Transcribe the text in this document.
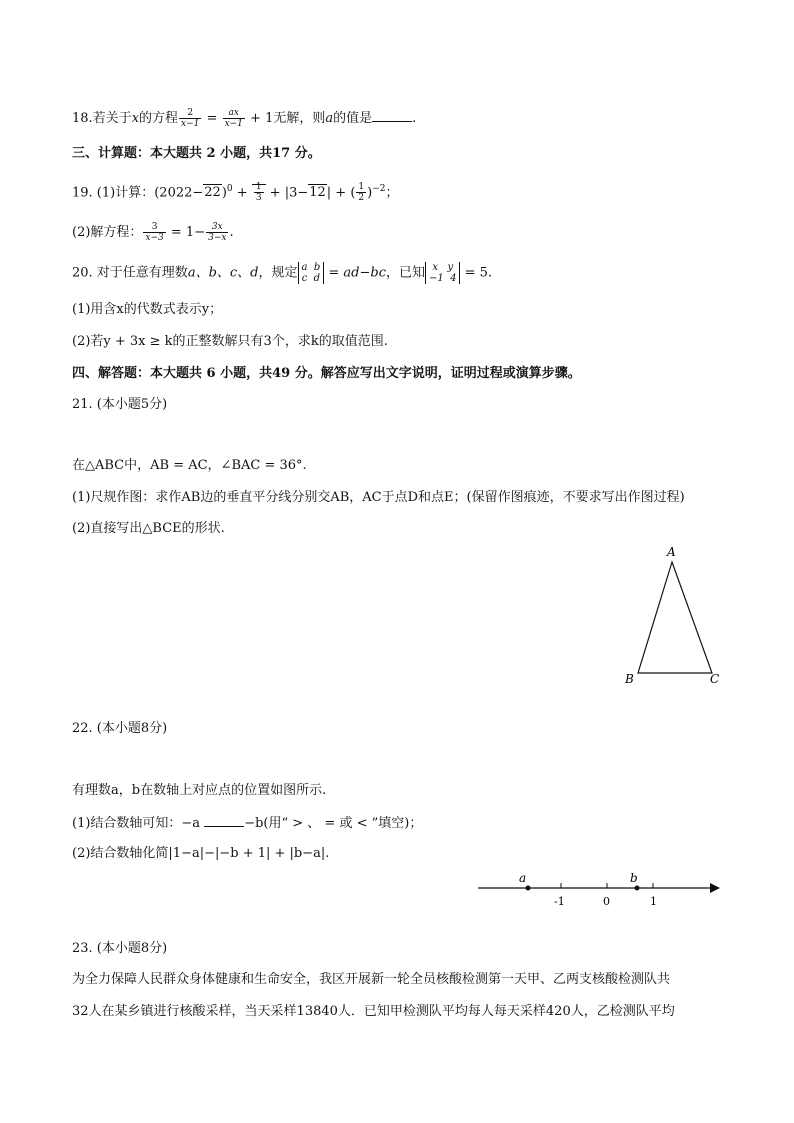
18.若关于x的方程 $\frac{2}{x-1} = \frac{ax}{x-1} + 1$无解，则a的值是	.
三、计算题：本大题共 2 小题，共17 分。
19. (1)计算：$(2022-22)^0 + \frac{1}{3} + |3-12|$ + ( $\frac{1}{2} )^{-2}$；
(2)解方程： $\frac{3}{x-3} = 1- \frac{3x}{3-x}$ .
20. 对于任意有理数a、b、c、d，规定 a b
c d = ad−bc，已知 x y
−1 4 = 5.
(1)用含x的代数式表示y；
(2)若y + 3x ≥ k的正整数解只有3个，求k的取值范围.
四、解答题：本大题共 6 小题，共49 分。解答应写出文字说明，证明过程或演算步骤。
21. (本小题5分)
在△ABC中，AB = AC，∠BAC = 36°.
(1)尺规作图：求作AB边的垂直平分线分别交AB，AC于点D和点E；(保留作图痕迹，不要求写出作图过程)
(2)直接写出△BCE的形状.
A
B	C
22. (本小题8分)
有理数a，b在数轴上对应点的位置如图所示.
(1)结合数轴可知：−a	−b(用“ > 、 = 或 < ”填空)；
(2)结合数轴化简|1−a|−|−b + 1| + |b−a|.
a	b
-1	0	1
23. (本小题8分)
为全力保障人民群众身体健康和生命安全，我区开展新一轮全员核酸检测第一天甲、乙两支核酸检测队共
32人在某乡镇进行核酸采样，当天采样13840人．已知甲检测队平均每人每天采样420人，乙检测队平均
